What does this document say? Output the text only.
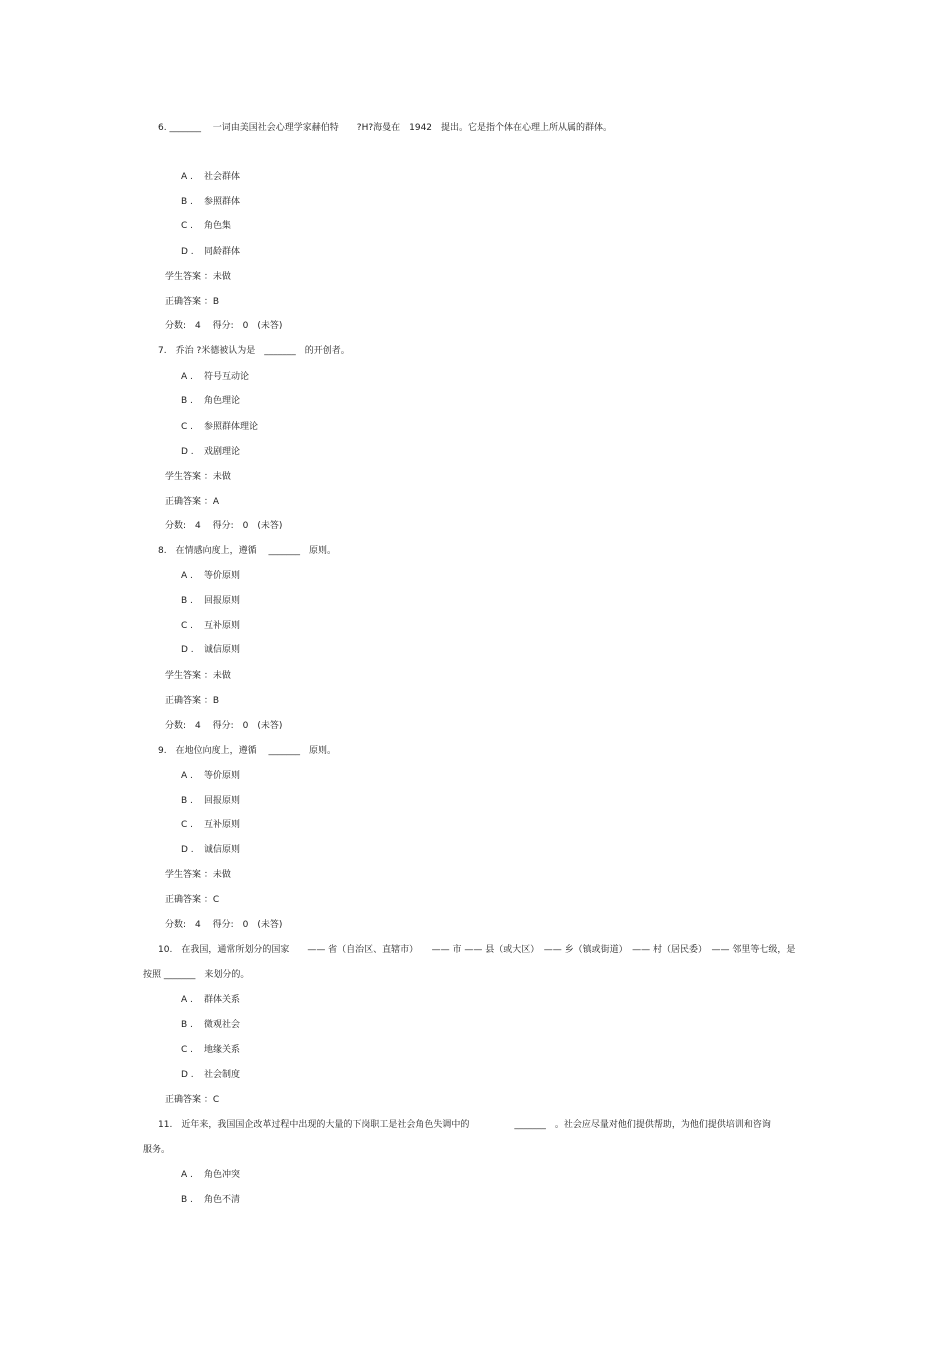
6. _______　 一词由美国社会心理学家赫伯特　　?H?海曼在　1942　提出。它是指个体在心理上所从属的群体。
A . 社会群体
B . 参照群体
C . 角色集
D . 同龄群体
学生答案 ：未做
正确答案 ：B
分数:　4　 得分:　0　(未答)
7.　乔治 ?米德被认为是　_______　的开创者。
A . 符号互动论
B . 角色理论
C . 参照群体理论
D . 戏剧理论
学生答案 ：未做
正确答案 ：A
分数:　4　 得分:　0　(未答)
8.　在情感向度上，遵循　 _______　原则。
A . 等价原则
B . 回报原则
C . 互补原则
D . 诚信原则
学生答案 ：未做
正确答案 ：B
分数:　4　 得分:　0　(未答)
9.　在地位向度上，遵循　 _______　原则。
A . 等价原则
B . 回报原则
C . 互补原则
D . 诚信原则
学生答案 ：未做
正确答案 ：C
分数:　4　 得分:　0　(未答)
10.　在我国，通常所划分的国家　　—— 省（自治区、直辖市）　　—— 市 —— 县（或大区）　—— 乡（镇或街道）　—— 村（居民委）　—— 邻里等七级，是
按照 _______　来划分的。
A . 群体关系
B . 微观社会
C . 地缘关系
D . 社会制度
正确答案 ：C
11.　近年来，我国国企改革过程中出现的大量的下岗职工是社会角色失调中的　　　　　_______　。社会应尽量对他们提供帮助，为他们提供培训和咨询
服务。
A . 角色冲突
B . 角色不清
